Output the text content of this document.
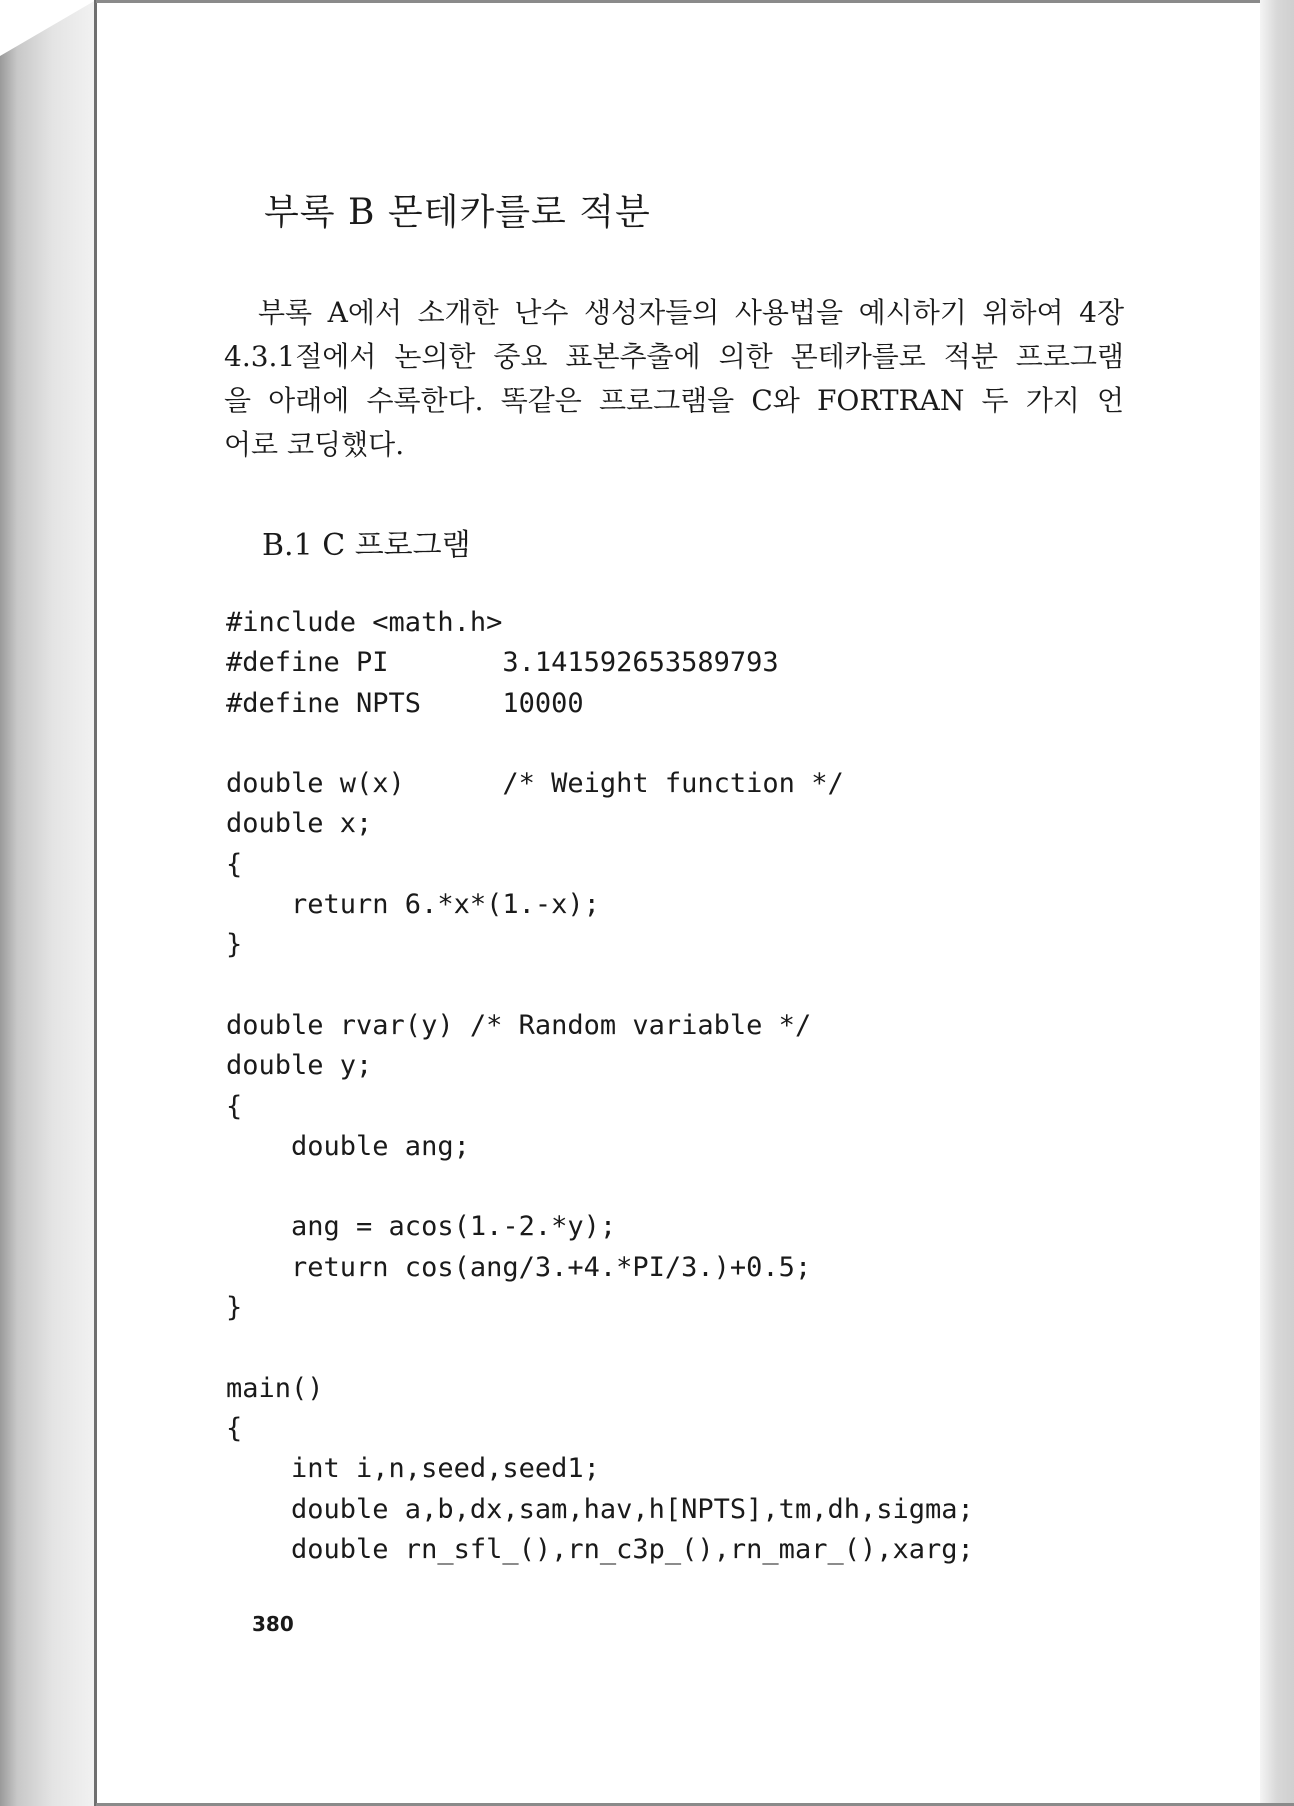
부록 B 몬테카를로 적분
부록 A에서 소개한 난수 생성자들의 사용법을 예시하기 위하여 4장
4.3.1절에서 논의한 중요 표본추출에 의한 몬테카를로 적분 프로그램
을 아래에 수록한다. 똑같은 프로그램을 C와 FORTRAN 두 가지 언
어로 코딩했다.
B.1 C 프로그램
#include <math.h>
#define PI       3.141592653589793
#define NPTS     10000
double w(x)      /* Weight function */
double x;
{
return 6.*x*(1.-x);
}
double rvar(y) /* Random variable */
double y;
{
double ang;
ang = acos(1.-2.*y);
return cos(ang/3.+4.*PI/3.)+0.5;
}
main()
{
int i,n,seed,seed1;
double a,b,dx,sam,hav,h[NPTS],tm,dh,sigma;
double rn_sfl_(),rn_c3p_(),rn_mar_(),xarg;
380
